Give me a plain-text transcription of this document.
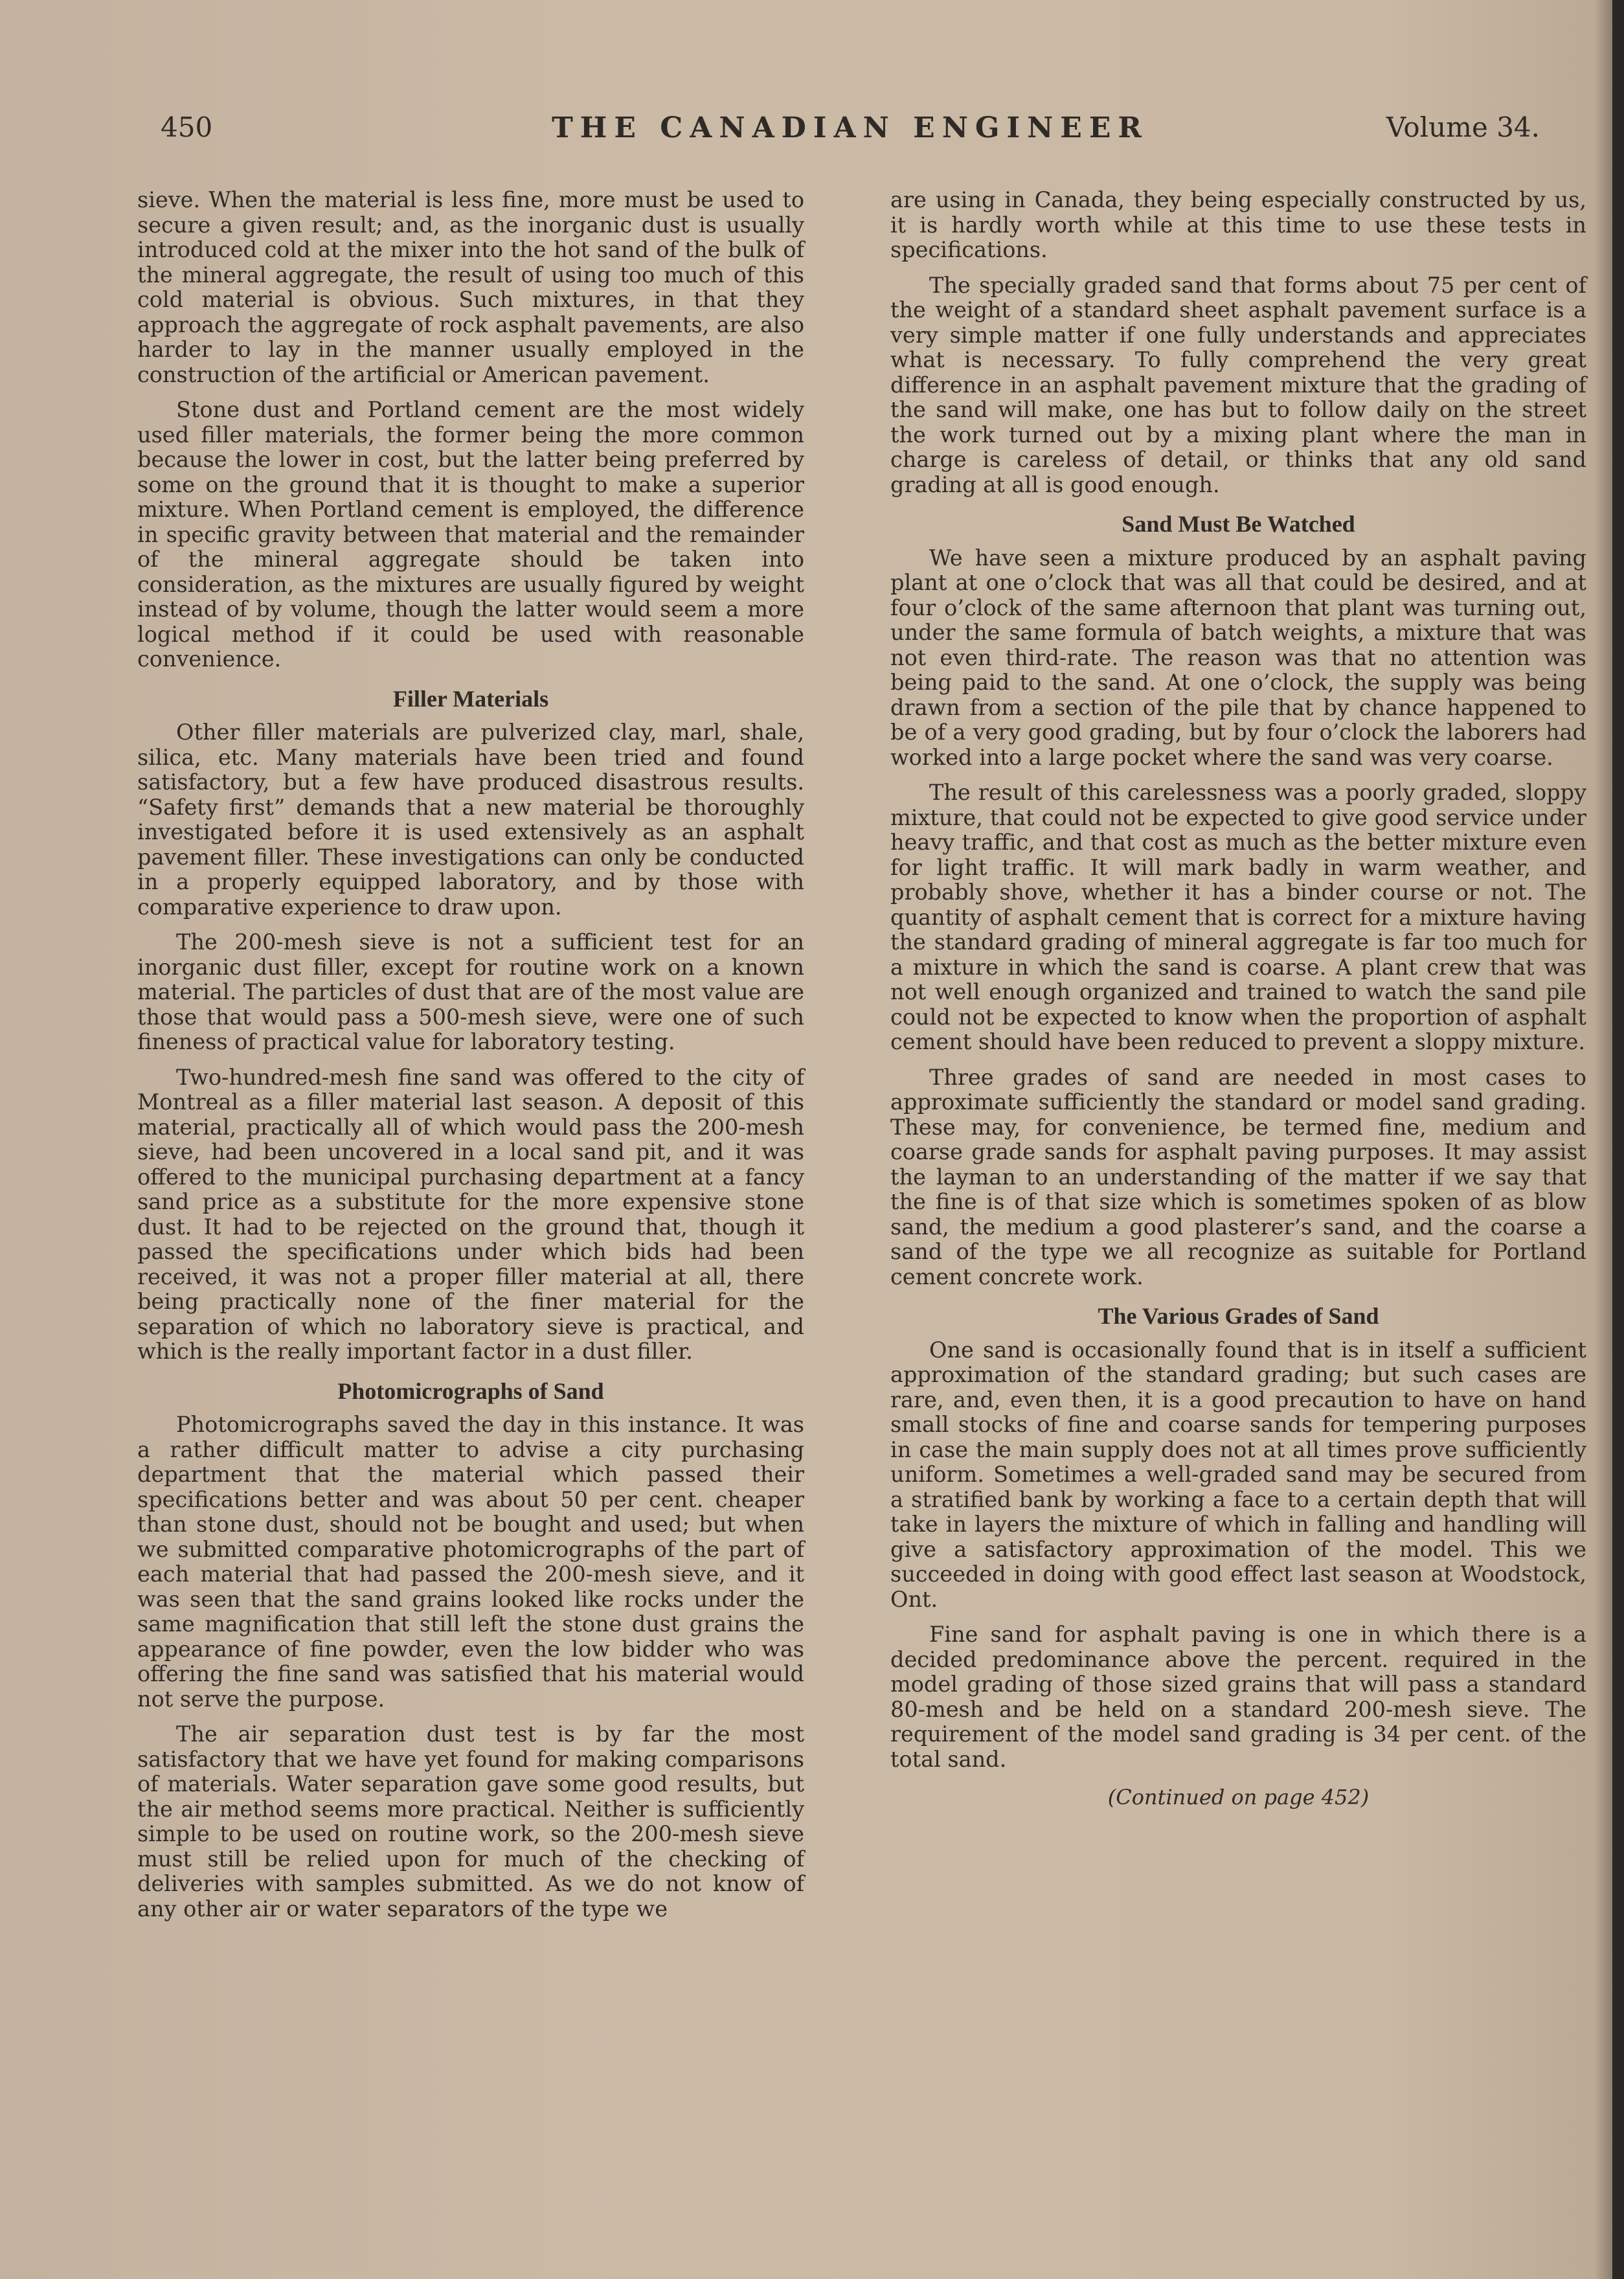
THE CANADIAN ENGINEER
450	Volume 34.

sieve. When the material is less fine, more must be used to secure a given result; and, as the inorganic dust is usually introduced cold at the mixer into the hot sand of the bulk of the mineral aggregate, the result of using too much of this cold material is obvious. Such mixtures, in that they approach the aggregate of rock asphalt pavements, are also harder to lay in the manner usually employed in the construction of the artificial or American pavement.

Stone dust and Portland cement are the most widely used filler materials, the former being the more common because the lower in cost, but the latter being preferred by some on the ground that it is thought to make a superior mixture. When Portland cement is employed, the difference in specific gravity between that material and the remainder of the mineral aggregate should be taken into consideration, as the mixtures are usually figured by weight instead of by volume, though the latter would seem a more logical method if it could be used with reasonable convenience.

Filler Materials

Other filler materials are pulverized clay, marl, shale, silica, etc. Many materials have been tried and found satisfactory, but a few have produced disastrous results. “Safety first” demands that a new material be thoroughly investigated before it is used extensively as an asphalt pavement filler. These investigations can only be conducted in a properly equipped laboratory, and by those with comparative experience to draw upon.

The 200-mesh sieve is not a sufficient test for an inorganic dust filler, except for routine work on a known material. The particles of dust that are of the most value are those that would pass a 500-mesh sieve, were one of such fineness of practical value for laboratory testing.

Two-hundred-mesh fine sand was offered to the city of Montreal as a filler material last season. A deposit of this material, practically all of which would pass the 200-mesh sieve, had been uncovered in a local sand pit, and it was offered to the municipal purchasing department at a fancy sand price as a substitute for the more expensive stone dust. It had to be rejected on the ground that, though it passed the specifications under which bids had been received, it was not a proper filler material at all, there being practically none of the finer material for the separation of which no laboratory sieve is practical, and which is the really important factor in a dust filler.

Photomicrographs of Sand

Photomicrographs saved the day in this instance. It was a rather difficult matter to advise a city purchasing department that the material which passed their specifications better and was about 50 per cent. cheaper than stone dust, should not be bought and used; but when we submitted comparative photomicrographs of the part of each material that had passed the 200-mesh sieve, and it was seen that the sand grains looked like rocks under the same magnification that still left the stone dust grains the appearance of fine powder, even the low bidder who was offering the fine sand was satisfied that his material would not serve the purpose.

The air separation dust test is by far the most satisfactory that we have yet found for making comparisons of materials. Water separation gave some good results, but the air method seems more practical. Neither is sufficiently simple to be used on routine work, so the 200-mesh sieve must still be relied upon for much of the checking of deliveries with samples submitted. As we do not know of any other air or water separators of the type we

are using in Canada, they being especially constructed by us, it is hardly worth while at this time to use these tests in specifications.

The specially graded sand that forms about 75 per cent of the weight of a standard sheet asphalt pavement surface is a very simple matter if one fully understands and appreciates what is necessary. To fully comprehend the very great difference in an asphalt pavement mixture that the grading of the sand will make, one has but to follow daily on the street the work turned out by a mixing plant where the man in charge is careless of detail, or thinks that any old sand grading at all is good enough.

Sand Must Be Watched

We have seen a mixture produced by an asphalt paving plant at one o’clock that was all that could be desired, and at four o’clock of the same afternoon that plant was turning out, under the same formula of batch weights, a mixture that was not even third-rate. The reason was that no attention was being paid to the sand. At one o’clock, the supply was being drawn from a section of the pile that by chance happened to be of a very good grading, but by four o’clock the laborers had worked into a large pocket where the sand was very coarse.

The result of this carelessness was a poorly graded, sloppy mixture, that could not be expected to give good service under heavy traffic, and that cost as much as the better mixture even for light traffic. It will mark badly in warm weather, and probably shove, whether it has a binder course or not. The quantity of asphalt cement that is correct for a mixture having the standard grading of mineral aggregate is far too much for a mixture in which the sand is coarse. A plant crew that was not well enough organized and trained to watch the sand pile could not be expected to know when the proportion of asphalt cement should have been reduced to prevent a sloppy mixture.

Three grades of sand are needed in most cases to approximate sufficiently the standard or model sand grading. These may, for convenience, be termed fine, medium and coarse grade sands for asphalt paving purposes. It may assist the layman to an understanding of the matter if we say that the fine is of that size which is sometimes spoken of as blow sand, the medium a good plasterer’s sand, and the coarse a sand of the type we all recognize as suitable for Portland cement concrete work.

The Various Grades of Sand

One sand is occasionally found that is in itself a sufficient approximation of the standard grading; but such cases are rare, and, even then, it is a good precaution to have on hand small stocks of fine and coarse sands for tempering purposes in case the main supply does not at all times prove sufficiently uniform. Sometimes a well-graded sand may be secured from a stratified bank by working a face to a certain depth that will take in layers the mixture of which in falling and handling will give a satisfactory approximation of the model. This we succeeded in doing with good effect last season at Woodstock, Ont.

Fine sand for asphalt paving is one in which there is a decided predominance above the percent. required in the model grading of those sized grains that will pass a standard 80-mesh and be held on a standard 200-mesh sieve. The requirement of the model sand grading is 34 per cent. of the total sand.

(Continued on page 452)
